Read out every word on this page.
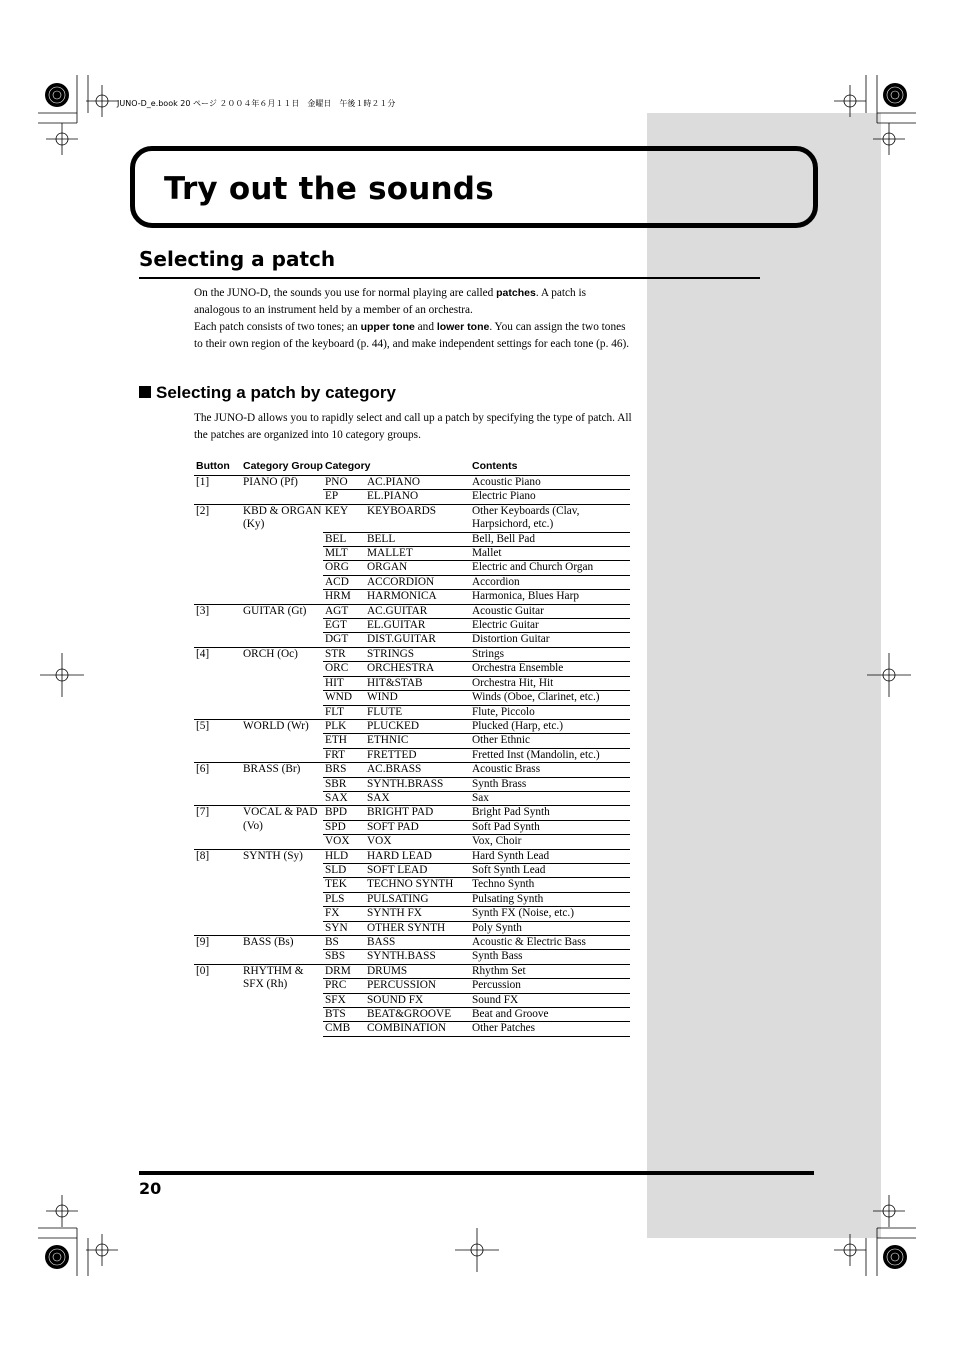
JUNO-D_e.book 20 ページ ２００４年６月１１日　金曜日　午後１時２１分
Try out the sounds
Selecting a patch

On the JUNO-D, the sounds you use for normal playing are called patches. A patch is analogous to an instrument held by a member of an orchestra.

Each patch consists of two tones; an upper tone and lower tone. You can assign the two tones to their own region of the keyboard (p. 44), and make independent settings for each tone (p. 46).

Selecting a patch by category

The JUNO-D allows you to rapidly select and call up a patch by specifying the type of patch. All the patches are organized into 10 category groups.

Button	Category Group	Category		Contents
[1]	PIANO (Pf)	PNO	AC.PIANO	Acoustic Piano
		EP	EL.PIANO	Electric Piano
[2]	KBD & ORGAN (Ky)	KEY	KEYBOARDS	Other Keyboards (Clav, Harpsichord, etc.)
		BEL	BELL	Bell, Bell Pad
		MLT	MALLET	Mallet
		ORG	ORGAN	Electric and Church Organ
		ACD	ACCORDION	Accordion
		HRM	HARMONICA	Harmonica, Blues Harp
[3]	GUITAR (Gt)	AGT	AC.GUITAR	Acoustic Guitar
		EGT	EL.GUITAR	Electric Guitar
		DGT	DIST.GUITAR	Distortion Guitar
[4]	ORCH (Oc)	STR	STRINGS	Strings
		ORC	ORCHESTRA	Orchestra Ensemble
		HIT	HIT&STAB	Orchestra Hit, Hit
		WND	WIND	Winds (Oboe, Clarinet, etc.)
		FLT	FLUTE	Flute, Piccolo
[5]	WORLD (Wr)	PLK	PLUCKED	Plucked (Harp, etc.)
		ETH	ETHNIC	Other Ethnic
		FRT	FRETTED	Fretted Inst (Mandolin, etc.)
[6]	BRASS (Br)	BRS	AC.BRASS	Acoustic Brass
		SBR	SYNTH.BRASS	Synth Brass
		SAX	SAX	Sax
[7]	VOCAL & PAD (Vo)	BPD	BRIGHT PAD	Bright Pad Synth
		SPD	SOFT PAD	Soft Pad Synth
		VOX	VOX	Vox, Choir
[8]	SYNTH (Sy)	HLD	HARD LEAD	Hard Synth Lead
		SLD	SOFT LEAD	Soft Synth Lead
		TEK	TECHNO SYNTH	Techno Synth
		PLS	PULSATING	Pulsating Synth
		FX	SYNTH FX	Synth FX (Noise, etc.)
		SYN	OTHER SYNTH	Poly Synth
[9]	BASS (Bs)	BS	BASS	Acoustic & Electric Bass
		SBS	SYNTH.BASS	Synth Bass
[0]	RHYTHM & SFX (Rh)	DRM	DRUMS	Rhythm Set
		PRC	PERCUSSION	Percussion
		SFX	SOUND FX	Sound FX
		BTS	BEAT&GROOVE	Beat and Groove
		CMB	COMBINATION	Other Patches
20
